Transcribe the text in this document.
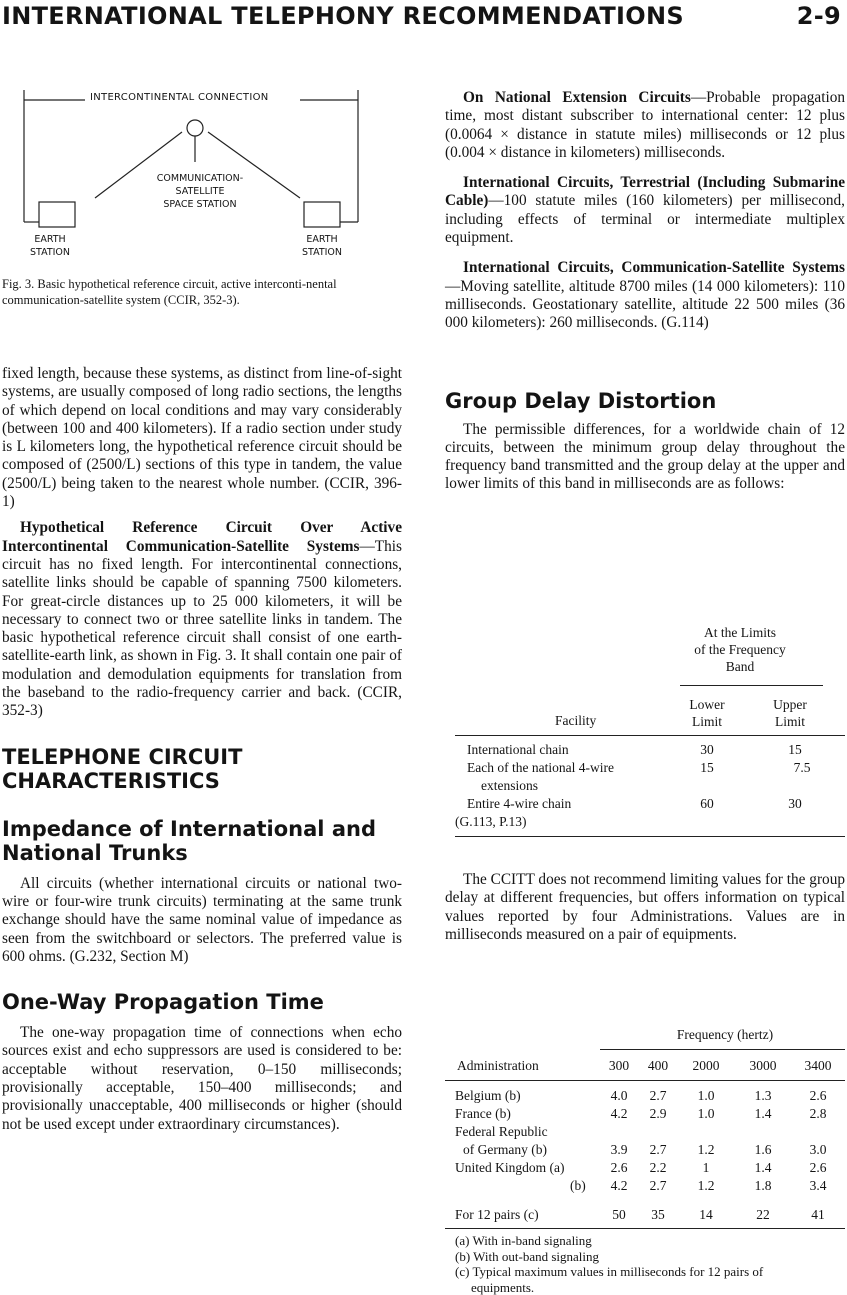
INTERNATIONAL TELEPHONY RECOMMENDATIONS	2-9
INTERCONTINENTAL CONNECTION
COMMUNICATION-
SATELLITE
SPACE STATION
EARTH
STATION
EARTH
STATION
Fig. 3. Basic hypothetical reference circuit, active interconti-nental communication-satellite system (CCIR, 352-3).

fixed length, because these systems, as distinct from line-of-sight systems, are usually composed of long radio sections, the lengths of which depend on local conditions and may vary considerably (between 100 and 400 kilometers). If a radio section under study is L kilometers long, the hypothetical reference circuit should be composed of (2500/L) sections of this type in tandem, the value (2500/L) being taken to the nearest whole number. (CCIR, 396-1)

Hypothetical Reference Circuit Over Active Intercontinental Communication-Satellite Systems—This circuit has no fixed length. For intercontinental connections, satellite links should be capable of spanning 7500 kilometers. For great-circle distances up to 25 000 kilometers, it will be necessary to connect two or three satellite links in tandem. The basic hypothetical reference circuit shall consist of one earth-satellite-earth link, as shown in Fig. 3. It shall contain one pair of modulation and demodulation equipments for translation from the baseband to the radio-frequency carrier and back. (CCIR, 352-3)

TELEPHONE CIRCUIT CHARACTERISTICS
Impedance of International and National Trunks

All circuits (whether international circuits or national two-wire or four-wire trunk circuits) terminating at the same trunk exchange should have the same nominal value of impedance as seen from the switchboard or selectors. The preferred value is 600 ohms. (G.232, Section M)

One-Way Propagation Time

The one-way propagation time of connections when echo sources exist and echo suppressors are used is considered to be: acceptable without reservation, 0–150 milliseconds; provisionally acceptable, 150–400 milliseconds; and provisionally unacceptable, 400 milliseconds or higher (should not be used except under extraordinary circumstances).

On National Extension Circuits—Probable propagation time, most distant subscriber to international center: 12 plus (0.0064 × distance in statute miles) milliseconds or 12 plus (0.004 × distance in kilometers) milliseconds.

International Circuits, Terrestrial (Including Submarine Cable)—100 statute miles (160 kilometers) per millisecond, including effects of terminal or intermediate multiplex equipment.

International Circuits, Communication-Satellite Systems—Moving satellite, altitude 8700 miles (14 000 kilometers): 110 milliseconds. Geostationary satellite, altitude 22 500 miles (36 000 kilometers): 260 milliseconds. (G.114)

Group Delay Distortion

The permissible differences, for a worldwide chain of 12 circuits, between the minimum group delay throughout the frequency band transmitted and the group delay at the upper and lower limits of this band in milliseconds are as follows:

At the Limits
of the Frequency
Band
Facility
Lower
Limit
Upper
Limit
International chain	30	15
Each of the national 4-wire	15	7.5
extensions
Entire 4-wire chain	60	30
(G.113, P.13)

The CCITT does not recommend limiting values for the group delay at different frequencies, but offers information on typical values reported by four Administrations. Values are in milliseconds measured on a pair of equipments.

Frequency (hertz)
Administration	300	400	2000	3000	3400
Belgium (b)	4.0	2.7	1.0	1.3	2.6
France (b)	4.2	2.9	1.0	1.4	2.8
Federal Republic
of Germany (b)	3.9	2.7	1.2	1.6	3.0
United Kingdom (a)	2.6	2.2	1	1.4	2.6
(b)	4.2	2.7	1.2	1.8	3.4
For 12 pairs (c)	50	35	14	22	41
(a) With in-band signaling
(b) With out-band signaling
(c) Typical maximum values in milliseconds for 12 pairs of
equipments.
